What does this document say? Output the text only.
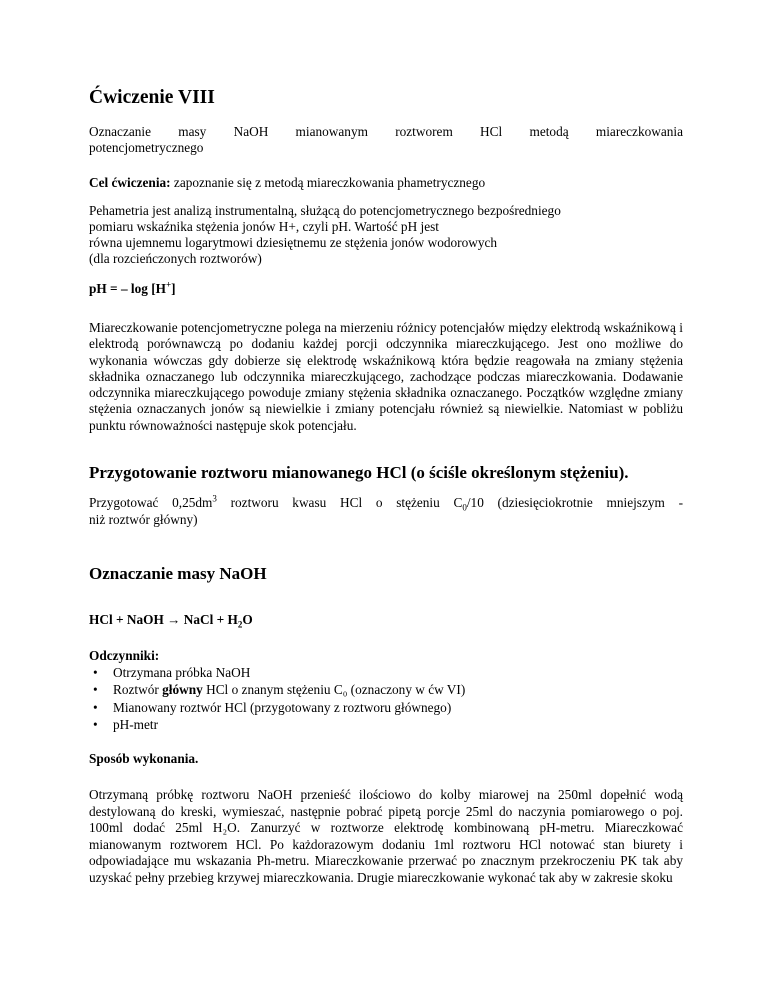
Ćwiczenie VIII

Oznaczanie masy NaOH mianowanym roztworem HCl metodą miareczkowania

potencjometrycznego

Cel ćwiczenia: zapoznanie się z metodą miareczkowania phametrycznego

Pehametria jest analizą instrumentalną, służącą do potencjometrycznego bezpośredniego

pomiaru wskaźnika stężenia jonów H+, czyli pH. Wartość pH jest

równa ujemnemu logarytmowi dziesiętnemu ze stężenia jonów wodorowych

(dla rozcieńczonych roztworów)

pH = – log [H+]

Miareczkowanie potencjometryczne polega na mierzeniu różnicy potencjałów między elektrodą wskaźnikową i elektrodą porównawczą po dodaniu każdej porcji odczynnika miareczkującego. Jest ono możliwe do wykonania wówczas gdy dobierze się elektrodę wskaźnikową która będzie reagowała na zmiany stężenia składnika oznaczanego lub odczynnika miareczkującego, zachodzące podczas miareczkowania. Dodawanie odczynnika miareczkującego powoduje zmiany stężenia składnika oznaczanego. Początków względne zmiany stężenia oznaczanych jonów są niewielkie i zmiany potencjału również są niewielkie. Natomiast w pobliżu punktu równoważności następuje skok potencjału.

Przygotowanie roztworu mianowanego HCl (o ściśle określonym stężeniu).

Przygotować $0,25dm^3$ roztworu kwasu HCl o stężeniu $C_0/10$ (dziesięciokrotnie mniejszym -

niż roztwór główny)

Oznaczanie masy NaOH

HCl + NaOH → NaCl + $H_2O$

Odczynniki:

• Otrzymana próbka NaOH
• Roztwór główny HCl o znanym stężeniu C₀ (oznaczony w ćw VI)
• Mianowany roztwór HCl (przygotowany z roztworu głównego)
• pH-metr

Sposób wykonania.

Otrzymaną próbkę roztworu NaOH przenieść ilościowo do kolby miarowej na 250ml dopełnić wodą destylowaną do kreski, wymieszać, następnie pobrać pipetą porcje 25ml do naczynia pomiarowego o poj. 100ml dodać 25ml H₂O. Zanurzyć w roztworze elektrodę kombinowaną pH-metru. Miareczkować mianowanym roztworem HCl. Po każdorazowym dodaniu 1ml roztworu HCl notować stan biurety i odpowiadające mu wskazania Ph-metru. Miareczkowanie przerwać po znacznym przekroczeniu PK tak aby uzyskać pełny przebieg krzywej miareczkowania. Drugie miareczkowanie wykonać tak aby w zakresie skoku
